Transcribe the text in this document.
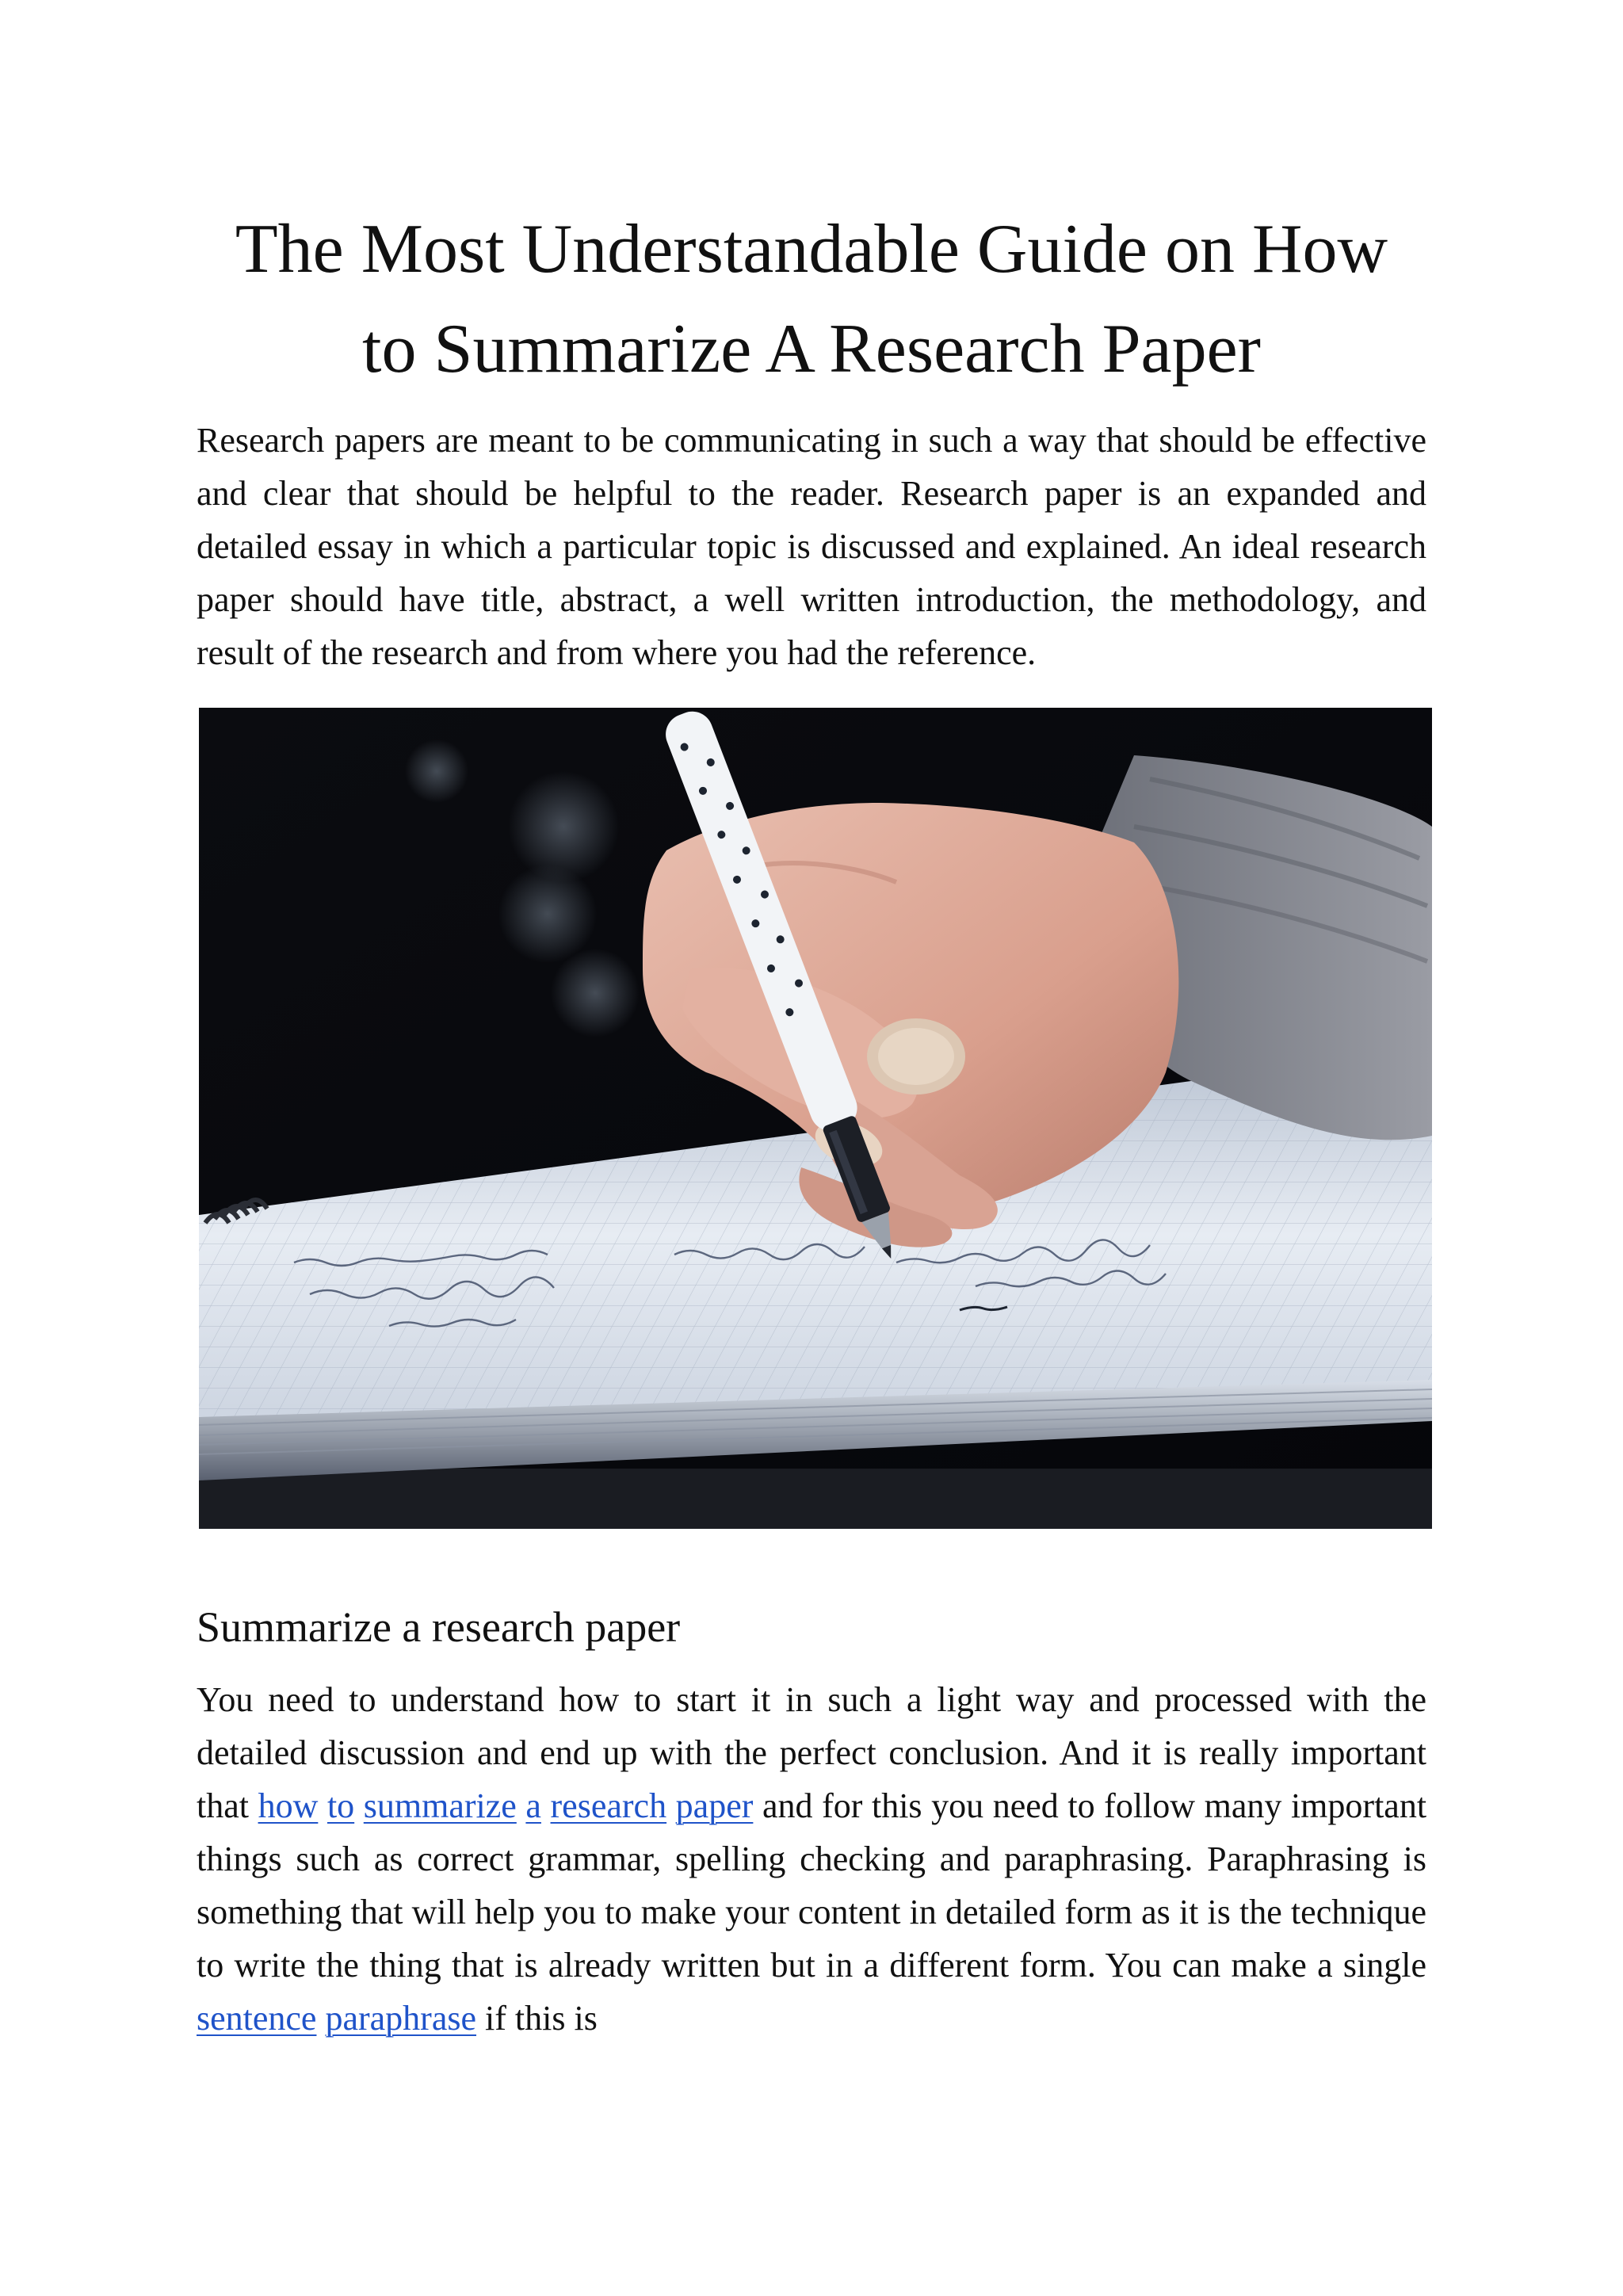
The Most Understandable Guide on How
to Summarize A Research Paper

Research papers are meant to be communicating in such a way that should be effective and clear that should be helpful to the reader. Research paper is an expanded and detailed essay in which a particular topic is discussed and explained. An ideal research paper should have title, abstract, a well written introduction, the methodology, and result of the research and from where you had the reference.

Summarize a research paper

You need to understand how to start it in such a light way and processed with the detailed discussion and end up with the perfect conclusion. And it is really important that how to summarize a research paper and for this you need to follow many important things such as correct grammar, spelling checking and paraphrasing. Paraphrasing is something that will help you to make your content in detailed form as it is the technique to write the thing that is already written but in a different form. You can make a single sentence paraphrase if this is
